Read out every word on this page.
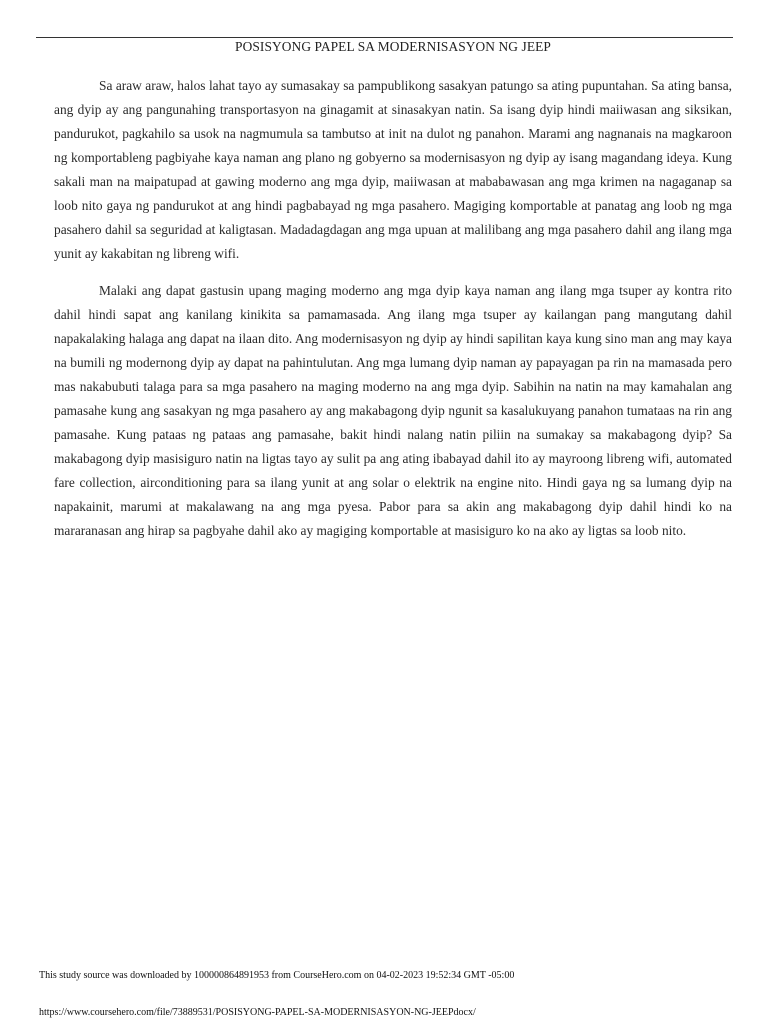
POSISYONG PAPEL SA MODERNISASYON NG JEEP

Sa araw araw, halos lahat tayo ay sumasakay sa pampublikong sasakyan patungo sa ating pupuntahan. Sa ating bansa, ang dyip ay ang pangunahing transportasyon na ginagamit at sinasakyan natin. Sa isang dyip hindi maiiwasan ang siksikan, pandurukot, pagkahilo sa usok na nagmumula sa tambutso at init na dulot ng panahon. Marami ang nagnanais na magkaroon ng komportableng pagbiyahe kaya naman ang plano ng gobyerno sa modernisasyon ng dyip ay isang magandang ideya. Kung sakali man na maipatupad at gawing moderno ang mga dyip, maiiwasan at mababawasan ang mga krimen na nagaganap sa loob nito gaya ng pandurukot at ang hindi pagbabayad ng mga pasahero. Magiging komportable at panatag ang loob ng mga pasahero dahil sa seguridad at kaligtasan. Madadagdagan ang mga upuan at malilibang ang mga pasahero dahil ang ilang mga yunit ay kakabitan ng libreng wifi.

Malaki ang dapat gastusin upang maging moderno ang mga dyip kaya naman ang ilang mga tsuper ay kontra rito dahil hindi sapat ang kanilang kinikita sa pamamasada. Ang ilang mga tsuper ay kailangan pang mangutang dahil napakalaking halaga ang dapat na ilaan dito. Ang modernisasyon ng dyip ay hindi sapilitan kaya kung sino man ang may kaya na bumili ng modernong dyip ay dapat na pahintulutan. Ang mga lumang dyip naman ay papayagan pa rin na mamasada pero mas nakabubuti talaga para sa mga pasahero na maging moderno na ang mga dyip. Sabihin na natin na may kamahalan ang pamasahe kung ang sasakyan ng mga pasahero ay ang makabagong dyip ngunit sa kasalukuyang panahon tumataas na rin ang pamasahe. Kung pataas ng pataas ang pamasahe, bakit hindi nalang natin piliin na sumakay sa makabagong dyip? Sa makabagong dyip masisiguro natin na ligtas tayo ay sulit pa ang ating ibabayad dahil ito ay mayroong libreng wifi, automated fare collection, airconditioning para sa ilang yunit at ang solar o elektrik na engine nito. Hindi gaya ng sa lumang dyip na napakainit, marumi at makalawang na ang mga pyesa. Pabor para sa akin ang makabagong dyip dahil hindi ko na mararanasan ang hirap sa pagbyahe dahil ako ay magiging komportable at masisiguro ko na ako ay ligtas sa loob nito.

This study source was downloaded by 100000864891953 from CourseHero.com on 04-02-2023 19:52:34 GMT -05:00
https://www.coursehero.com/file/73889531/POSISYONG-PAPEL-SA-MODERNISASYON-NG-JEEPdocx/
